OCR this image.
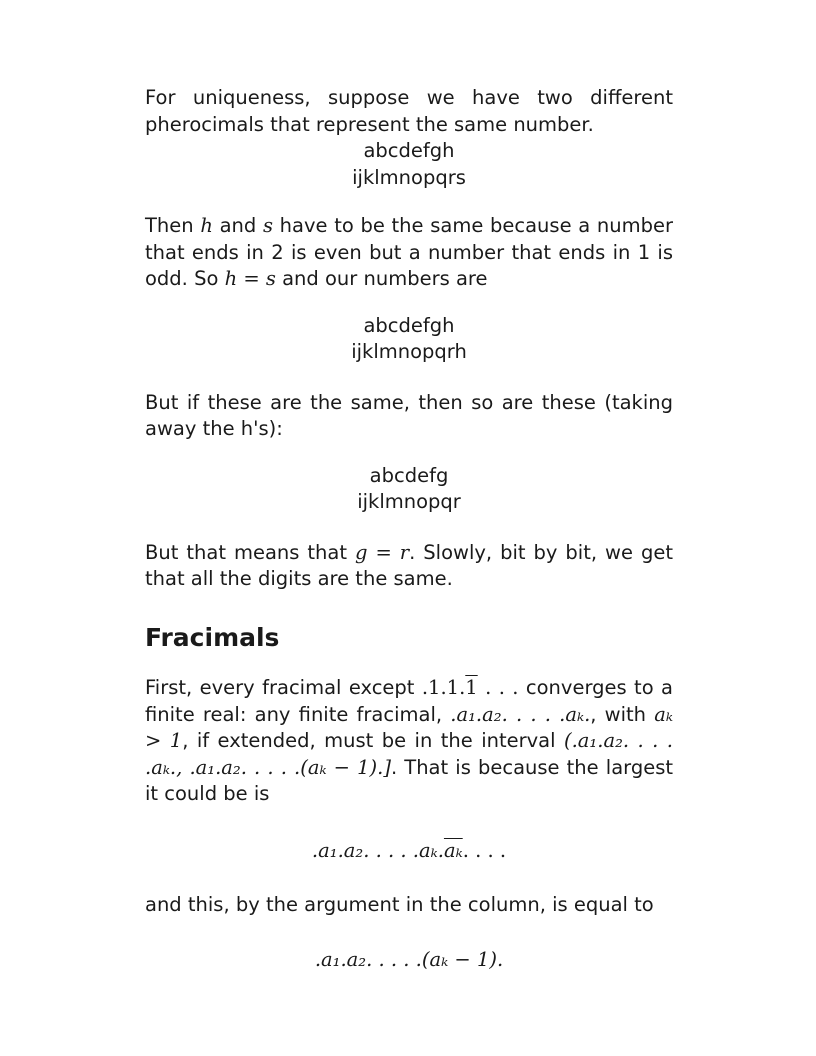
For uniqueness, suppose we have two different pherocimals that represent the same number.

abcdefgh

ijklmnopqrs

Then h and s have to be the same because a number that ends in 2 is even but a number that ends in 1 is odd. So h = s and our numbers are

abcdefgh

ijklmnopqrh

But if these are the same, then so are these (taking away the h's):

abcdefg

ijklmnopqr

But that means that g = r. Slowly, bit by bit, we get that all the digits are the same.

Fracimals

First, every fracimal except .1.1.1 . . . converges to a finite real: any finite fracimal, .a₁.a₂. . . . .aₖ., with aₖ > 1, if extended, must be in the interval (.a₁.a₂. . . . .aₖ., .a₁.a₂. . . . .(aₖ − 1).]. That is because the largest it could be is

.a₁.a₂. . . . $.a_k.\overline{a_k}$. . . .

and this, by the argument in the column, is equal to

.a₁.a₂. . . . .(aₖ − 1).
